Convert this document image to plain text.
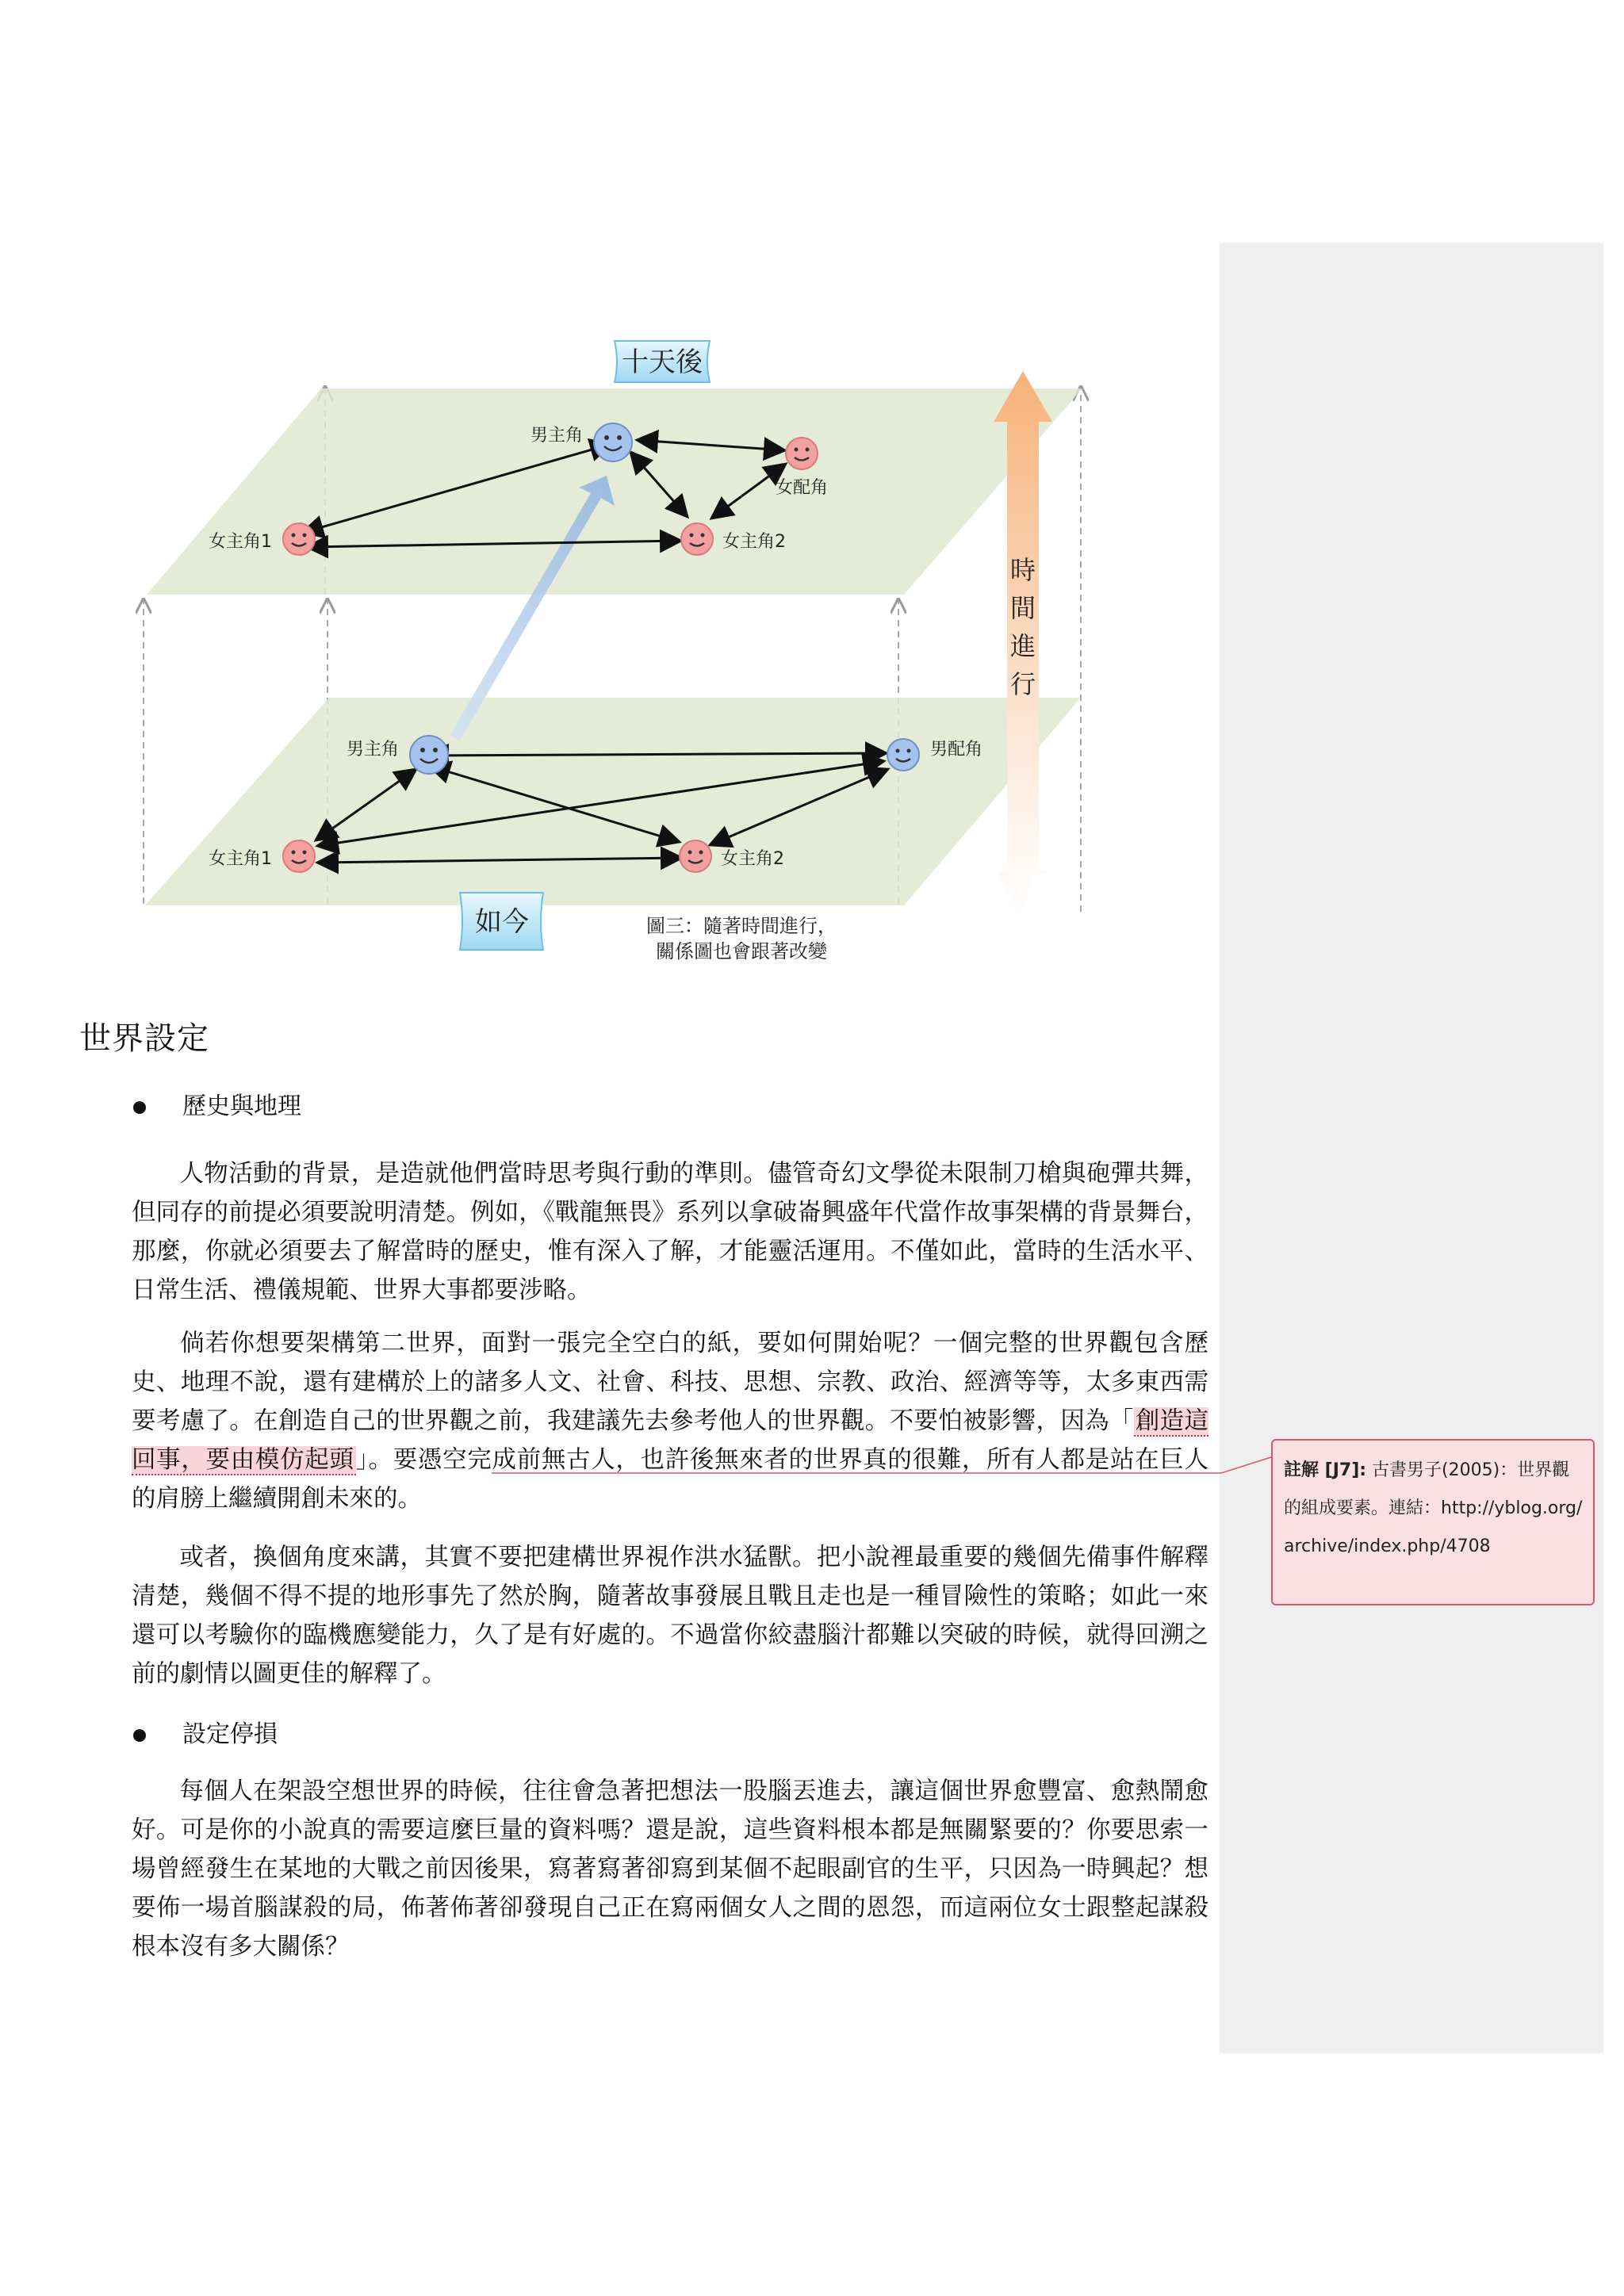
時
間
進
行
男主角
女配角
女主角1	女主角2
男主角	男配角
女主角1	女主角2
十天後
如今	圖三：隨著時間進行，
關係圖也會跟著改變
世界設定
歷史與地理

人物活動的背景，是造就他們當時思考與行動的準則。儘管奇幻文學從未限制刀槍與砲彈共舞，但同存的前提必須要說明清楚。例如，《戰龍無畏》系列以拿破崙興盛年代當作故事架構的背景舞台，那麼，你就必須要去了解當時的歷史，惟有深入了解，才能靈活運用。不僅如此，當時的生活水平、日常生活、禮儀規範、世界大事都要涉略。

倘若你想要架構第二世界，面對一張完全空白的紙，要如何開始呢？一個完整的世界觀包含歷史、地理不說，還有建構於上的諸多人文、社會、科技、思想、宗教、政治、經濟等等，太多東西需要考慮了。在創造自己的世界觀之前，我建議先去參考他人的世界觀。不要怕被影響，因為「創造這回事，要由模仿起頭」。要憑空完成前無古人，也許後無來者的世界真的很難，所有人都是站在巨人的肩膀上繼續開創未來的。

或者，換個角度來講，其實不要把建構世界視作洪水猛獸。把小說裡最重要的幾個先備事件解釋清楚，幾個不得不提的地形事先了然於胸，隨著故事發展且戰且走也是一種冒險性的策略；如此一來還可以考驗你的臨機應變能力，久了是有好處的。不過當你絞盡腦汁都難以突破的時候，就得回溯之前的劇情以圖更佳的解釋了。

設定停損

每個人在架設空想世界的時候，往往會急著把想法一股腦丟進去，讓這個世界愈豐富、愈熱鬧愈好。可是你的小說真的需要這麼巨量的資料嗎？還是說，這些資料根本都是無關緊要的？你要思索一場曾經發生在某地的大戰之前因後果，寫著寫著卻寫到某個不起眼副官的生平，只因為一時興起？想要佈一場首腦謀殺的局，佈著佈著卻發現自己正在寫兩個女人之間的恩怨，而這兩位女士跟整起謀殺根本沒有多大關係？

註解 [J7]: 古書男子(2005)：世界觀的組成要素。連結：http://yblog.org/archive/index.php/4708
